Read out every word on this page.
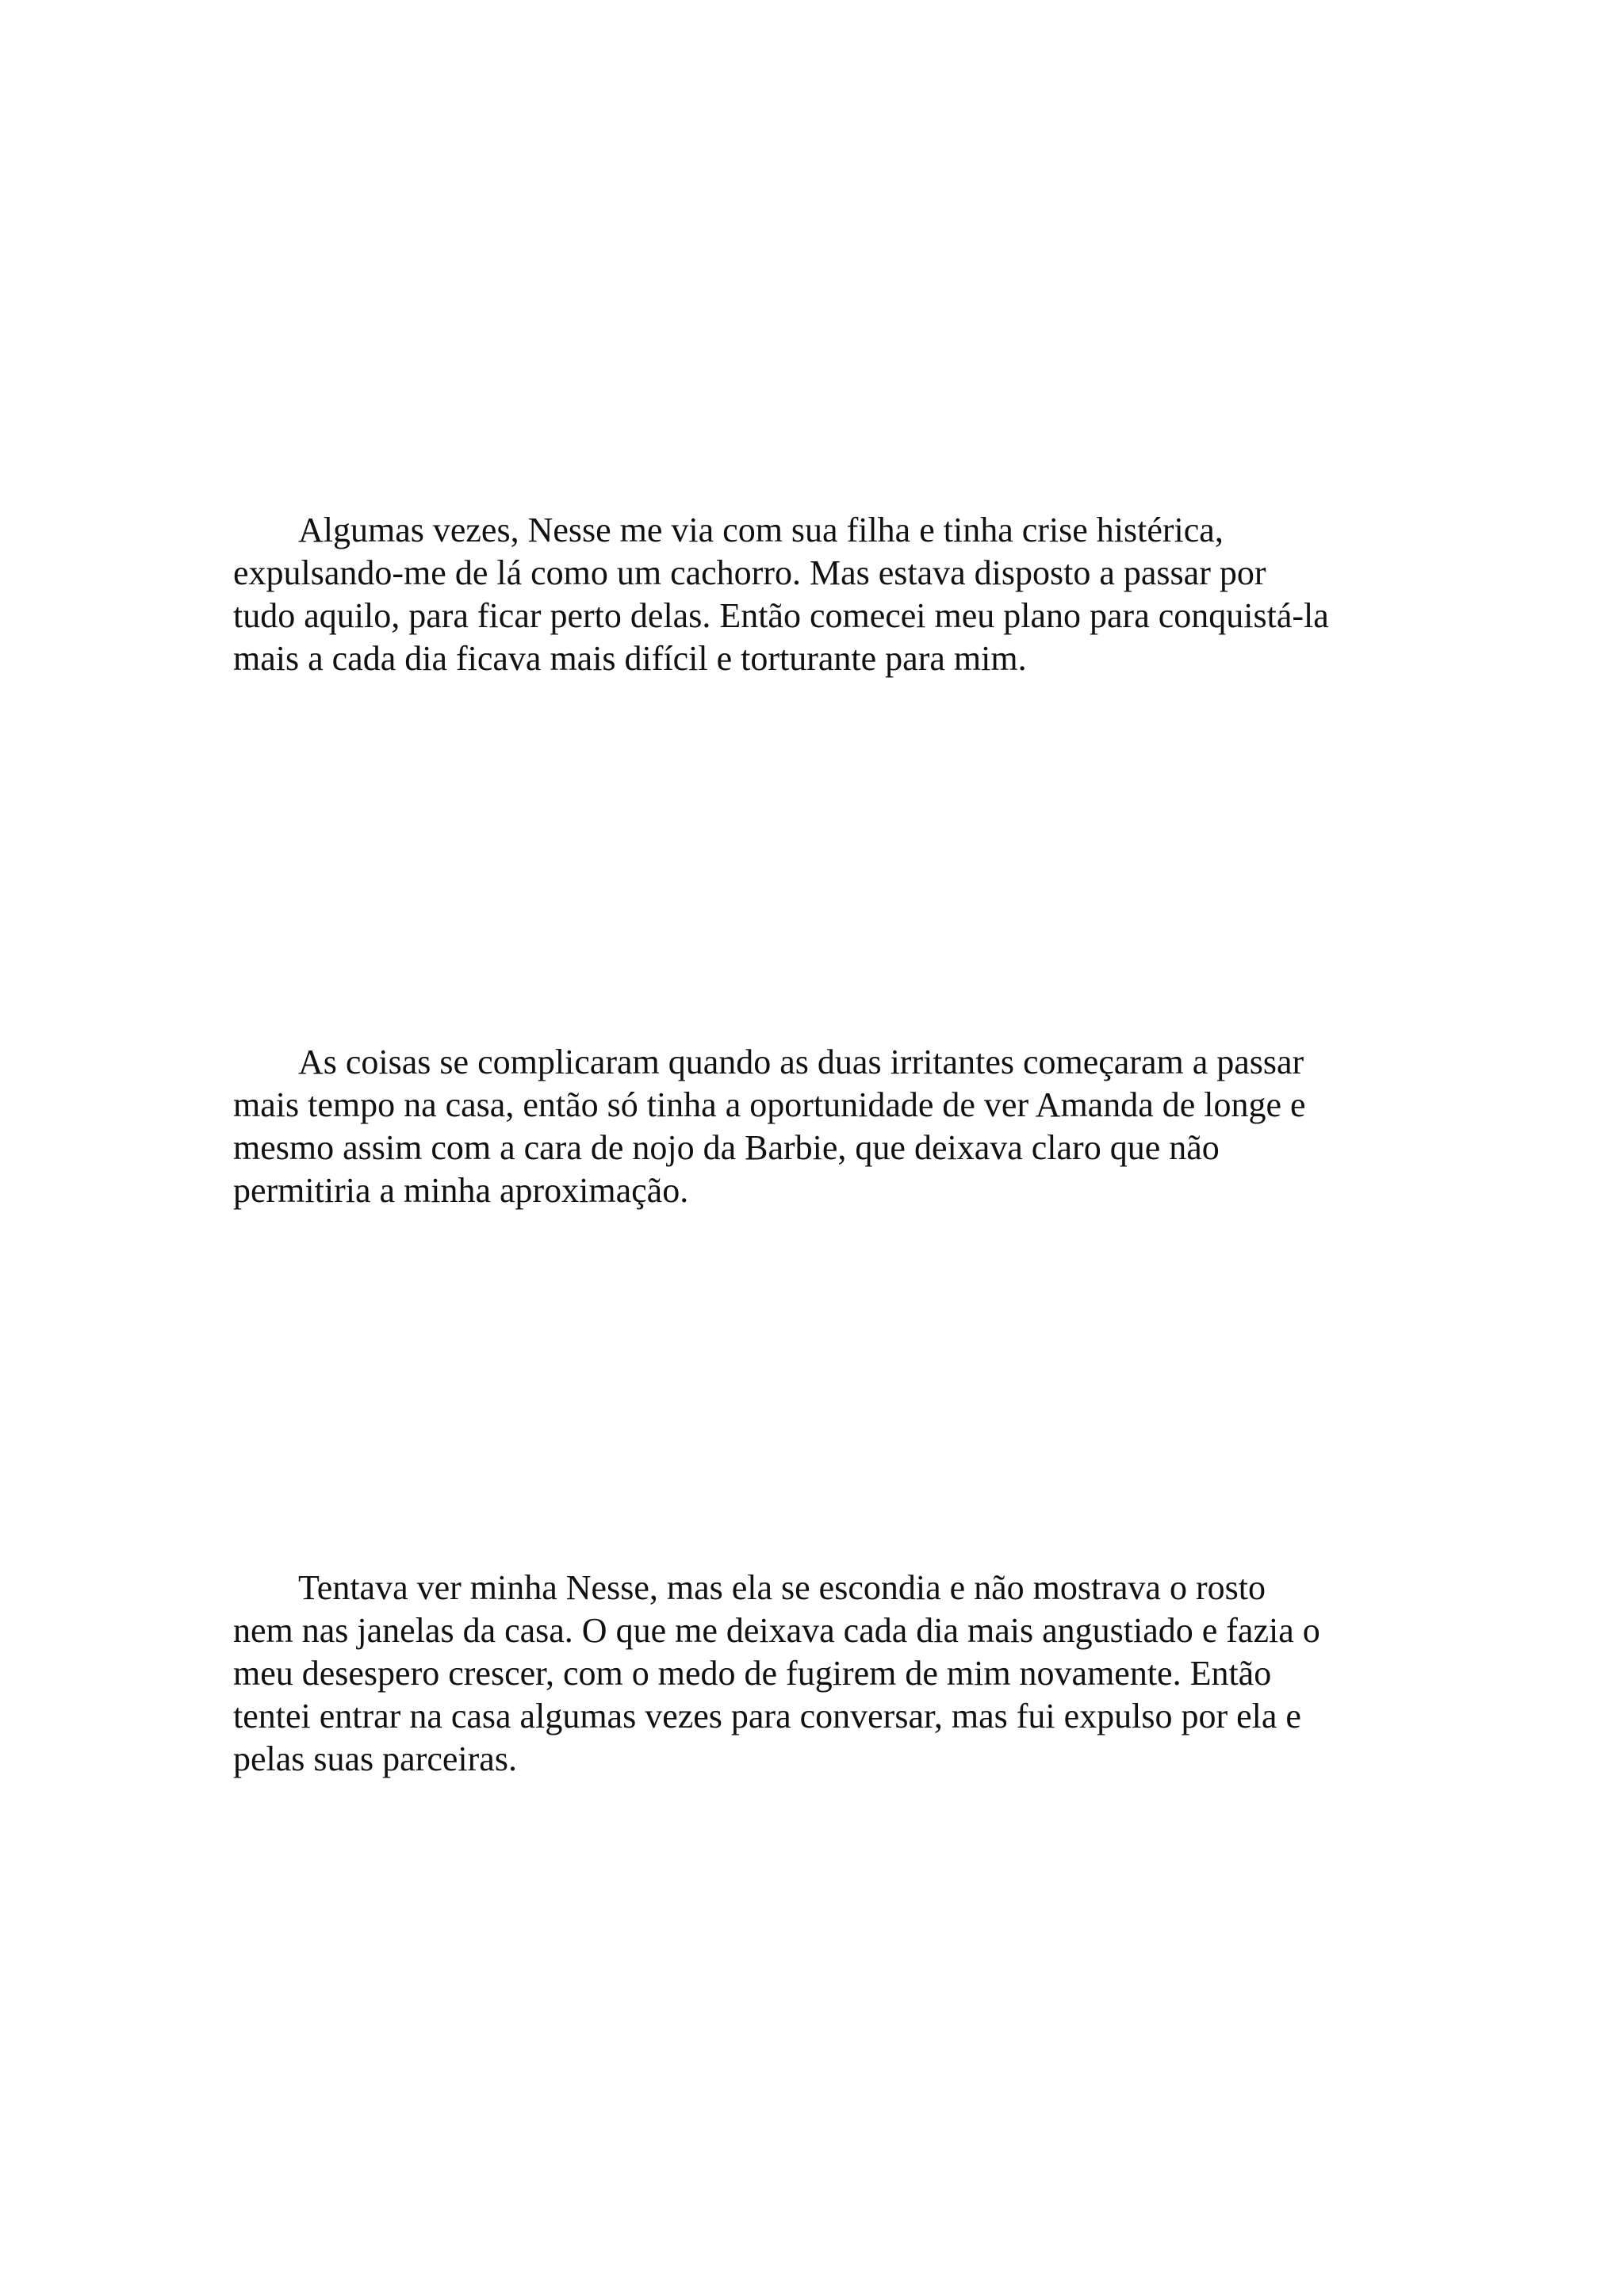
Algumas vezes, Nesse me via com sua filha e tinha crise histérica,
expulsando-me de lá como um cachorro. Mas estava disposto a passar por
tudo aquilo, para ficar perto delas. Então comecei meu plano para conquistá-la
mais a cada dia ficava mais difícil e torturante para mim.
As coisas se complicaram quando as duas irritantes começaram a passar
mais tempo na casa, então só tinha a oportunidade de ver Amanda de longe e
mesmo assim com a cara de nojo da Barbie, que deixava claro que não
permitiria a minha aproximação.
Tentava ver minha Nesse, mas ela se escondia e não mostrava o rosto
nem nas janelas da casa. O que me deixava cada dia mais angustiado e fazia o
meu desespero crescer, com o medo de fugirem de mim novamente. Então
tentei entrar na casa algumas vezes para conversar, mas fui expulso por ela e
pelas suas parceiras.
